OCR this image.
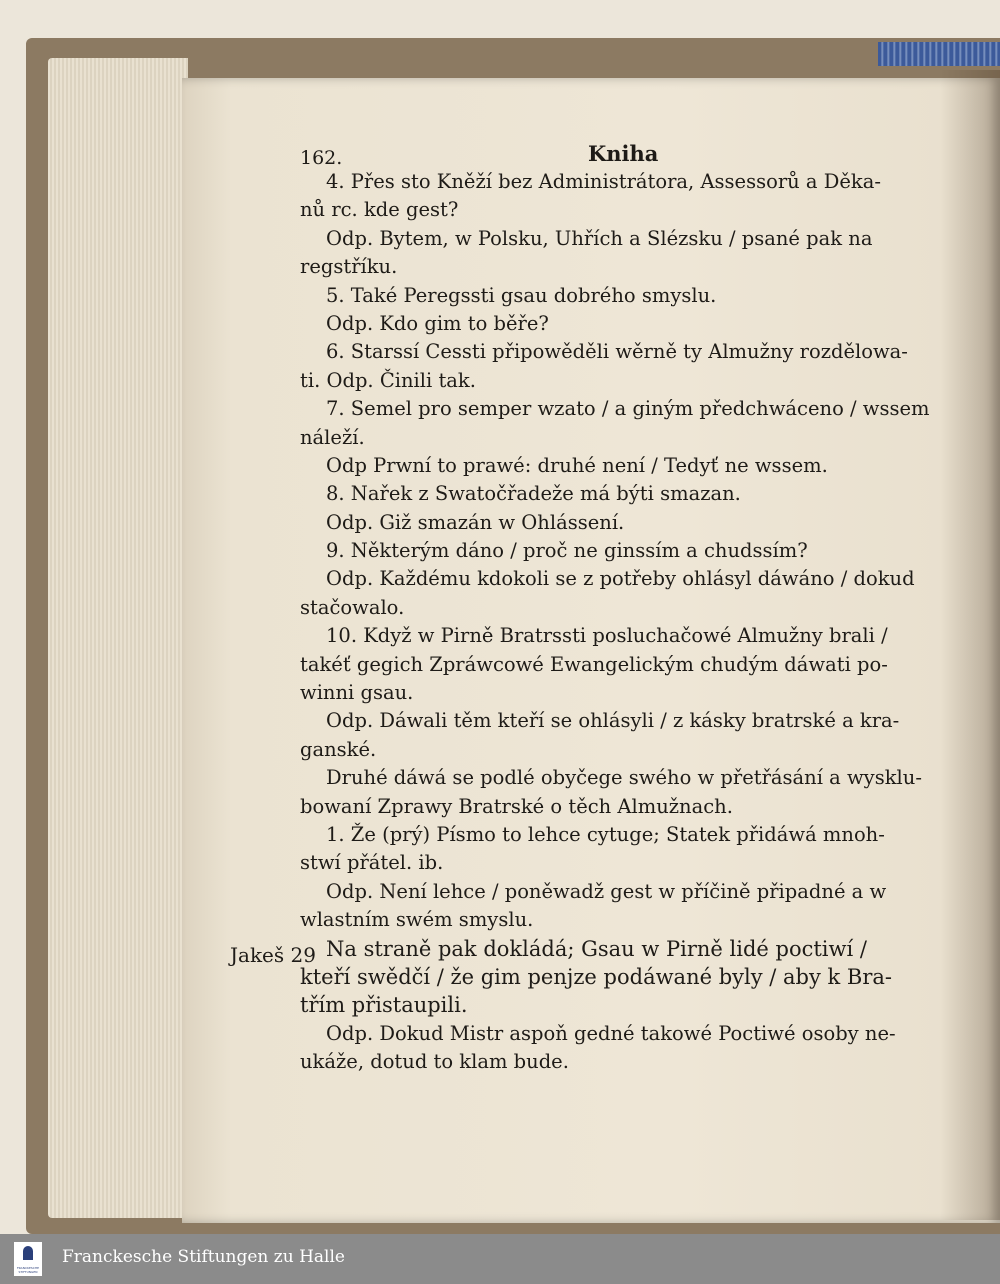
162.	Kniha
4. Přes sto Kněží bez Administrátora, Assessorů a Děka-
nů rc. kde gest?
Odp. Bytem, w Polsku, Uhřích a Slézsku / psané pak na
regstříku.
5. Také Peregssti gsau dobrého smyslu.
Odp. Kdo gim to běře?
6. Starssí Cessti připowěděli wěrně ty Almužny rozdělowa-
ti. Odp. Činili tak.
7. Semel pro semper wzato / a giným předchwáceno / wssem
náleží.
Odp Prwní to prawé: druhé není / Tedyť ne wssem.
8. Nařek z Swatočřadeže má býti smazan.
Odp. Giž smazán w Ohlássení.
9. Některým dáno / proč ne ginssím a chudssím?
Odp. Každému kdokoli se z potřeby ohlásyl dáwáno / dokud
stačowalo.
10. Když w Pirně Bratrssti posluchačowé Almužny brali /
takéť gegich Zpráwcowé Ewangelickým chudým dáwati po-
winni gsau.
Odp. Dáwali těm kteří se ohlásyli / z kásky bratrské a kra-
ganské.
Druhé dáwá se podlé obyčege swého w přetřásání a wysklu-
bowaní Zprawy Bratrské o těch Almužnach.
1. Že (prý) Písmo to lehce cytuge; Statek přidáwá mnoh-
stwí přátel. ib.
Odp. Není lehce / poněwadž gest w příčině připadné a w
wlastním swém smyslu.
Na straně pak dokládá; Gsau w Pirně lidé poctiwí /
kteří swědčí / že gim penjze podáwané byly / aby k Bra-
třím přistaupili.
Odp. Dokud Mistr aspoň gedné takowé Poctiwé osoby ne-
ukáže, dotud to klam bude.
Jakeš 29
FRANCKESCHE STIFTUNGEN
Franckesche Stiftungen zu Halle
